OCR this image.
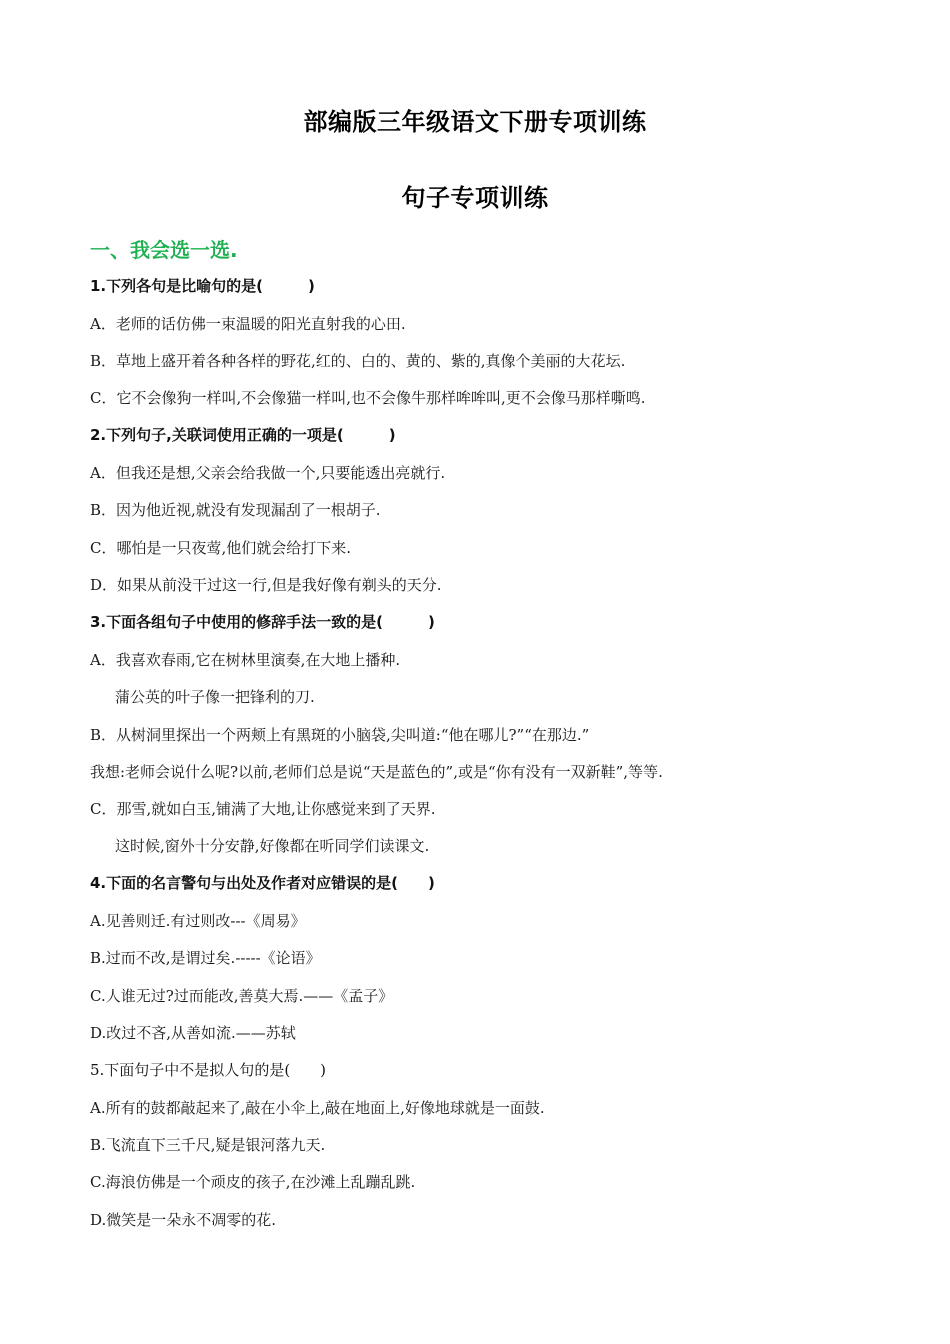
部编版三年级语文下册专项训练
句子专项训练
一、我会选一选.
1.下列各句是比喻句的是(　　　)
A．老师的话仿佛一束温暖的阳光直射我的心田.
B．草地上盛开着各种各样的野花,红的、白的、黄的、紫的,真像个美丽的大花坛.
C．它不会像狗一样叫,不会像猫一样叫,也不会像牛那样哞哞叫,更不会像马那样嘶鸣.
2.下列句子,关联词使用正确的一项是(　　　)
A．但我还是想,父亲会给我做一个,只要能透出亮就行.
B．因为他近视,就没有发现漏刮了一根胡子.
C．哪怕是一只夜莺,他们就会给打下来.
D．如果从前没干过这一行,但是我好像有剃头的天分.
3.下面各组句子中使用的修辞手法一致的是(　　　)
A．我喜欢春雨,它在树林里演奏,在大地上播种.
蒲公英的叶子像一把锋利的刀.
B．从树洞里探出一个两颊上有黑斑的小脑袋,尖叫道:“他在哪儿?”“在那边.”
我想:老师会说什么呢?以前,老师们总是说“天是蓝色的”,或是“你有没有一双新鞋”,等等.
C．那雪,就如白玉,铺满了大地,让你感觉来到了天界.
这时候,窗外十分安静,好像都在听同学们读课文.
4.下面的名言警句与出处及作者对应错误的是(　　)
A.见善则迁.有过则改---《周易》
B.过而不改,是谓过矣.-----《论语》
C.人谁无过?过而能改,善莫大焉.——《孟子》
D.改过不吝,从善如流.——苏轼
5.下面句子中不是拟人句的是(　　)
A.所有的鼓都敲起来了,敲在小伞上,敲在地面上,好像地球就是一面鼓.
B.飞流直下三千尺,疑是银河落九天.
C.海浪仿佛是一个顽皮的孩子,在沙滩上乱蹦乱跳.
D.微笑是一朵永不凋零的花.
